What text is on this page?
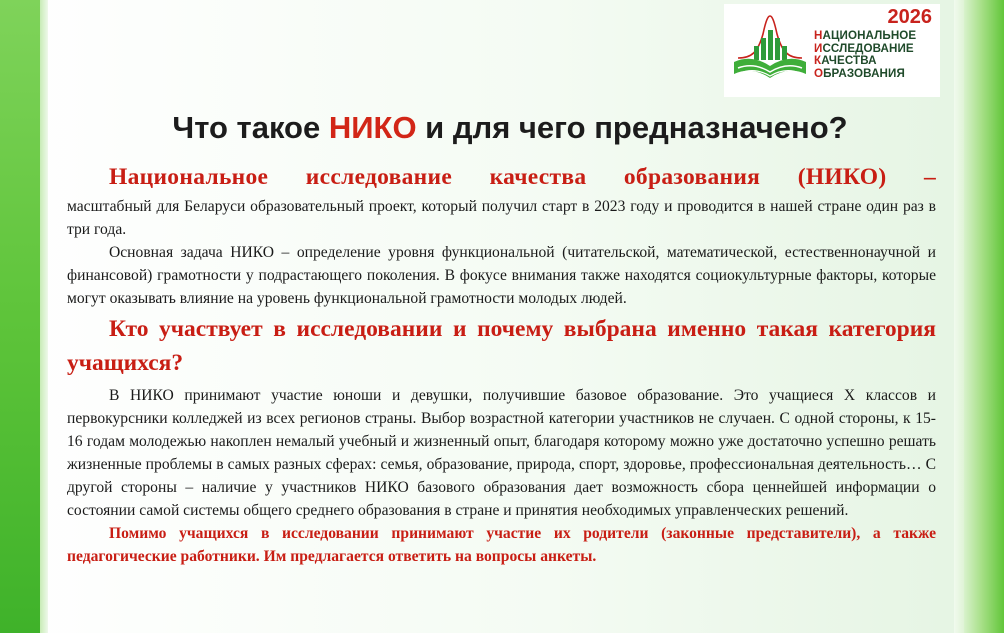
2026
НАЦИОНАЛЬНОЕ
ИССЛЕДОВАНИЕ
КАЧЕСТВА
ОБРАЗОВАНИЯ
Что такое НИКО и для чего предназначено?
Национальное исследование качества образования (НИКО) –

масштабный для Беларуси образовательный проект, который получил старт в 2023 году и проводится в нашей стране один раз в три года.

Основная задача НИКО – определение уровня функциональной (читательской, математической, естественнонаучной и финансовой) грамотности у подрастающего поколения. В фокусе внимания также находятся социокультурные факторы, которые могут оказывать влияние на уровень функциональной грамотности молодых людей.

Кто участвует в исследовании и почему выбрана именно такая категория учащихся?

В НИКО принимают участие юноши и девушки, получившие базовое образование. Это учащиеся X классов и первокурсники колледжей из всех регионов страны. Выбор возрастной категории участников не случаен. С одной стороны, к 15-16 годам молодежью накоплен немалый учебный и жизненный опыт, благодаря которому можно уже достаточно успешно решать жизненные проблемы в самых разных сферах: семья, образование, природа, спорт, здоровье, профессиональная деятельность… С другой стороны – наличие у участников НИКО базового образования дает возможность сбора ценнейшей информации о состоянии самой системы общего среднего образования в стране и принятия необходимых управленческих решений.

Помимо учащихся в исследовании принимают участие их родители (законные представители), а также педагогические работники. Им предлагается ответить на вопросы анкеты.
